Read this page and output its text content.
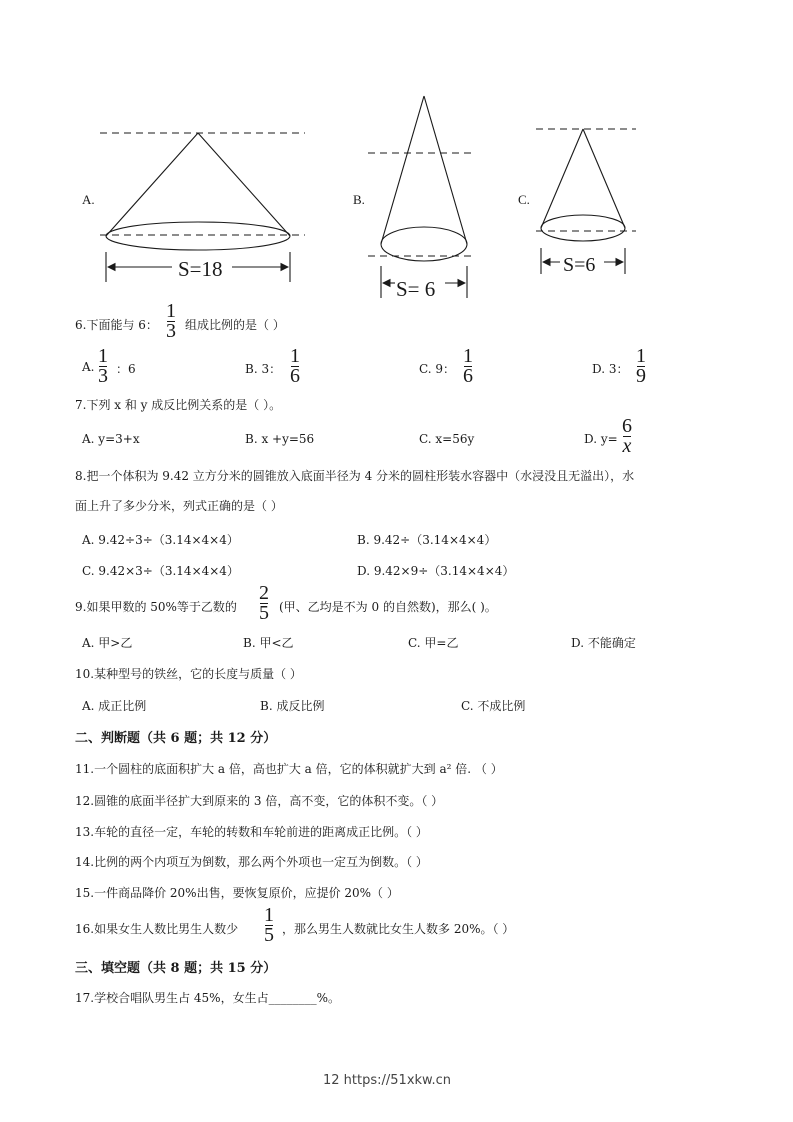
A.
S=18
B.
S= 6
C.
S=6
6.下面能与 6：
1
3 组成比例的是（ ）
A. 1
3 ：6	B. 3：
1
6	C. 9：
1
6	D. 3：
1
9
7.下列 x 和 y 成反比例关系的是（ ）。
A. y=3+x	B. x +y=56	C. x=56y	D. y=
6
x
8.把一个体积为 9.42 立方分米的圆锥放入底面半径为 4 分米的圆柱形装水容器中（水浸没且无溢出），水
面上升了多少分米，列式正确的是（ ）
A. 9.42÷3÷（3.14×4×4）	B. 9.42÷（3.14×4×4）
C. 9.42×3÷（3.14×4×4）	D. 9.42×9÷（3.14×4×4）
9.如果甲数的 50%等于乙数的
2
5 (甲、乙均是不为 0 的自然数)，那么( )。
A. 甲>乙	B. 甲<乙	C. 甲=乙	D. 不能确定
10.某种型号的铁丝，它的长度与质量（ ）
A. 成正比例	B. 成反比例	C. 不成比例
二、判断题（共 6 题；共 12 分）
11.一个圆柱的底面积扩大 a 倍，高也扩大 a 倍，它的体积就扩大到 a² 倍. （ ）
12.圆锥的底面半径扩大到原来的 3 倍，高不变，它的体积不变。（ ）
13.车轮的直径一定，车轮的转数和车轮前进的距离成正比例。（ ）
14.比例的两个内项互为倒数，那么两个外项也一定互为倒数。（ ）
15.一件商品降价 20%出售，要恢复原价，应提价 20%（ ）
16.如果女生人数比男生人数少
1
5 ，那么男生人数就比女生人数多 20%。（ ）
三、填空题（共 8 题；共 15 分）
17.学校合唱队男生占 45%，女生占________%。
12 https://51xkw.cn
